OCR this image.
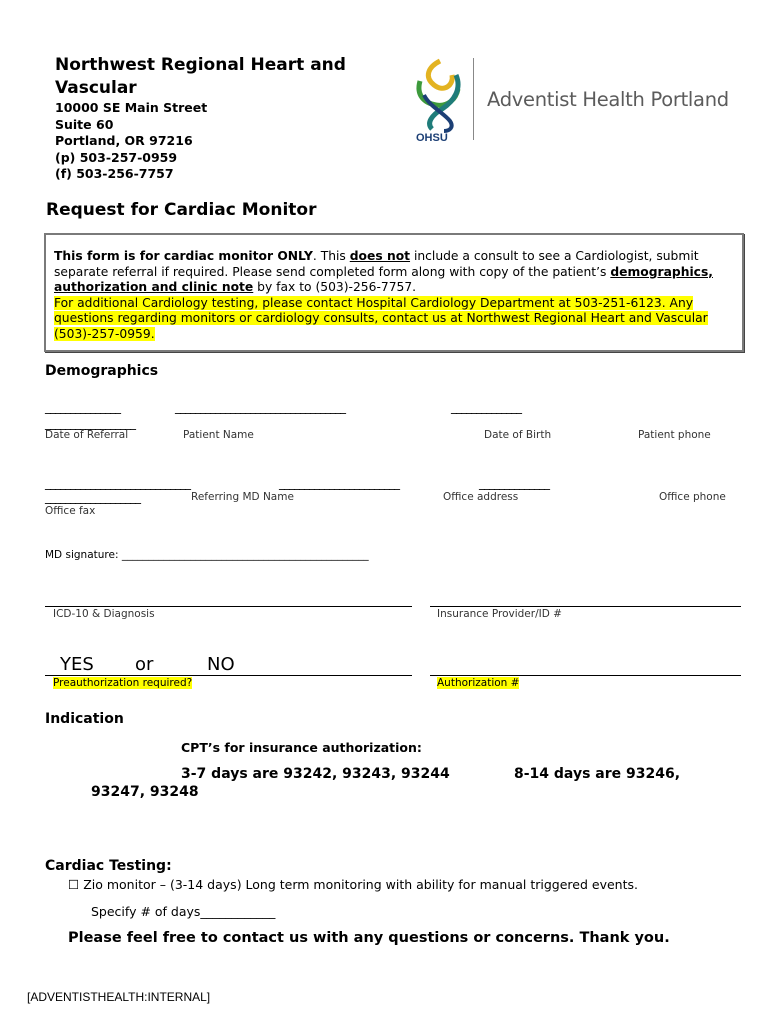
Northwest Regional Heart and Vascular
10000 SE Main Street
Suite 60
Portland, OR 97216
(p) 503-257-0959
(f) 503-256-7757
OHSU
Adventist Health Portland
Request for Cardiac Monitor
This form is for cardiac monitor ONLY. This does not include a consult to see a Cardiologist, submit separate referral if required. Please send completed form along with copy of the patient’s demographics, authorization and clinic note by fax to (503)-256-7757.
For additional Cardiology testing, please contact Hospital Cardiology Department at 503-251-6123. Any questions regarding monitors or cardiology consults, contact us at Northwest Regional Heart and Vascular (503)-257-0959.
Demographics
_______________	__________________________________	______________
__________________
Date of Referral	Patient Name	Date of Birth	Patient phone
_____________________________	________________________	______________
___________________	Referring MD Name	Office address	Office phone
Office fax
MD signature: _______________________________________________
ICD-10 & Diagnosis	Insurance Provider/ID #
YES or	NO
Preauthorization required?	Authorization #
Indication
CPT’s for insurance authorization:
3-7 days are 93242, 93243, 93244	8-14 days are 93246,
93247, 93248
Cardiac Testing:
☐ Zio monitor – (3-14 days) Long term monitoring with ability for manual triggered events.
Specify # of days____________
Please feel free to contact us with any questions or concerns. Thank you.
[ADVENTISTHEALTH:INTERNAL]
